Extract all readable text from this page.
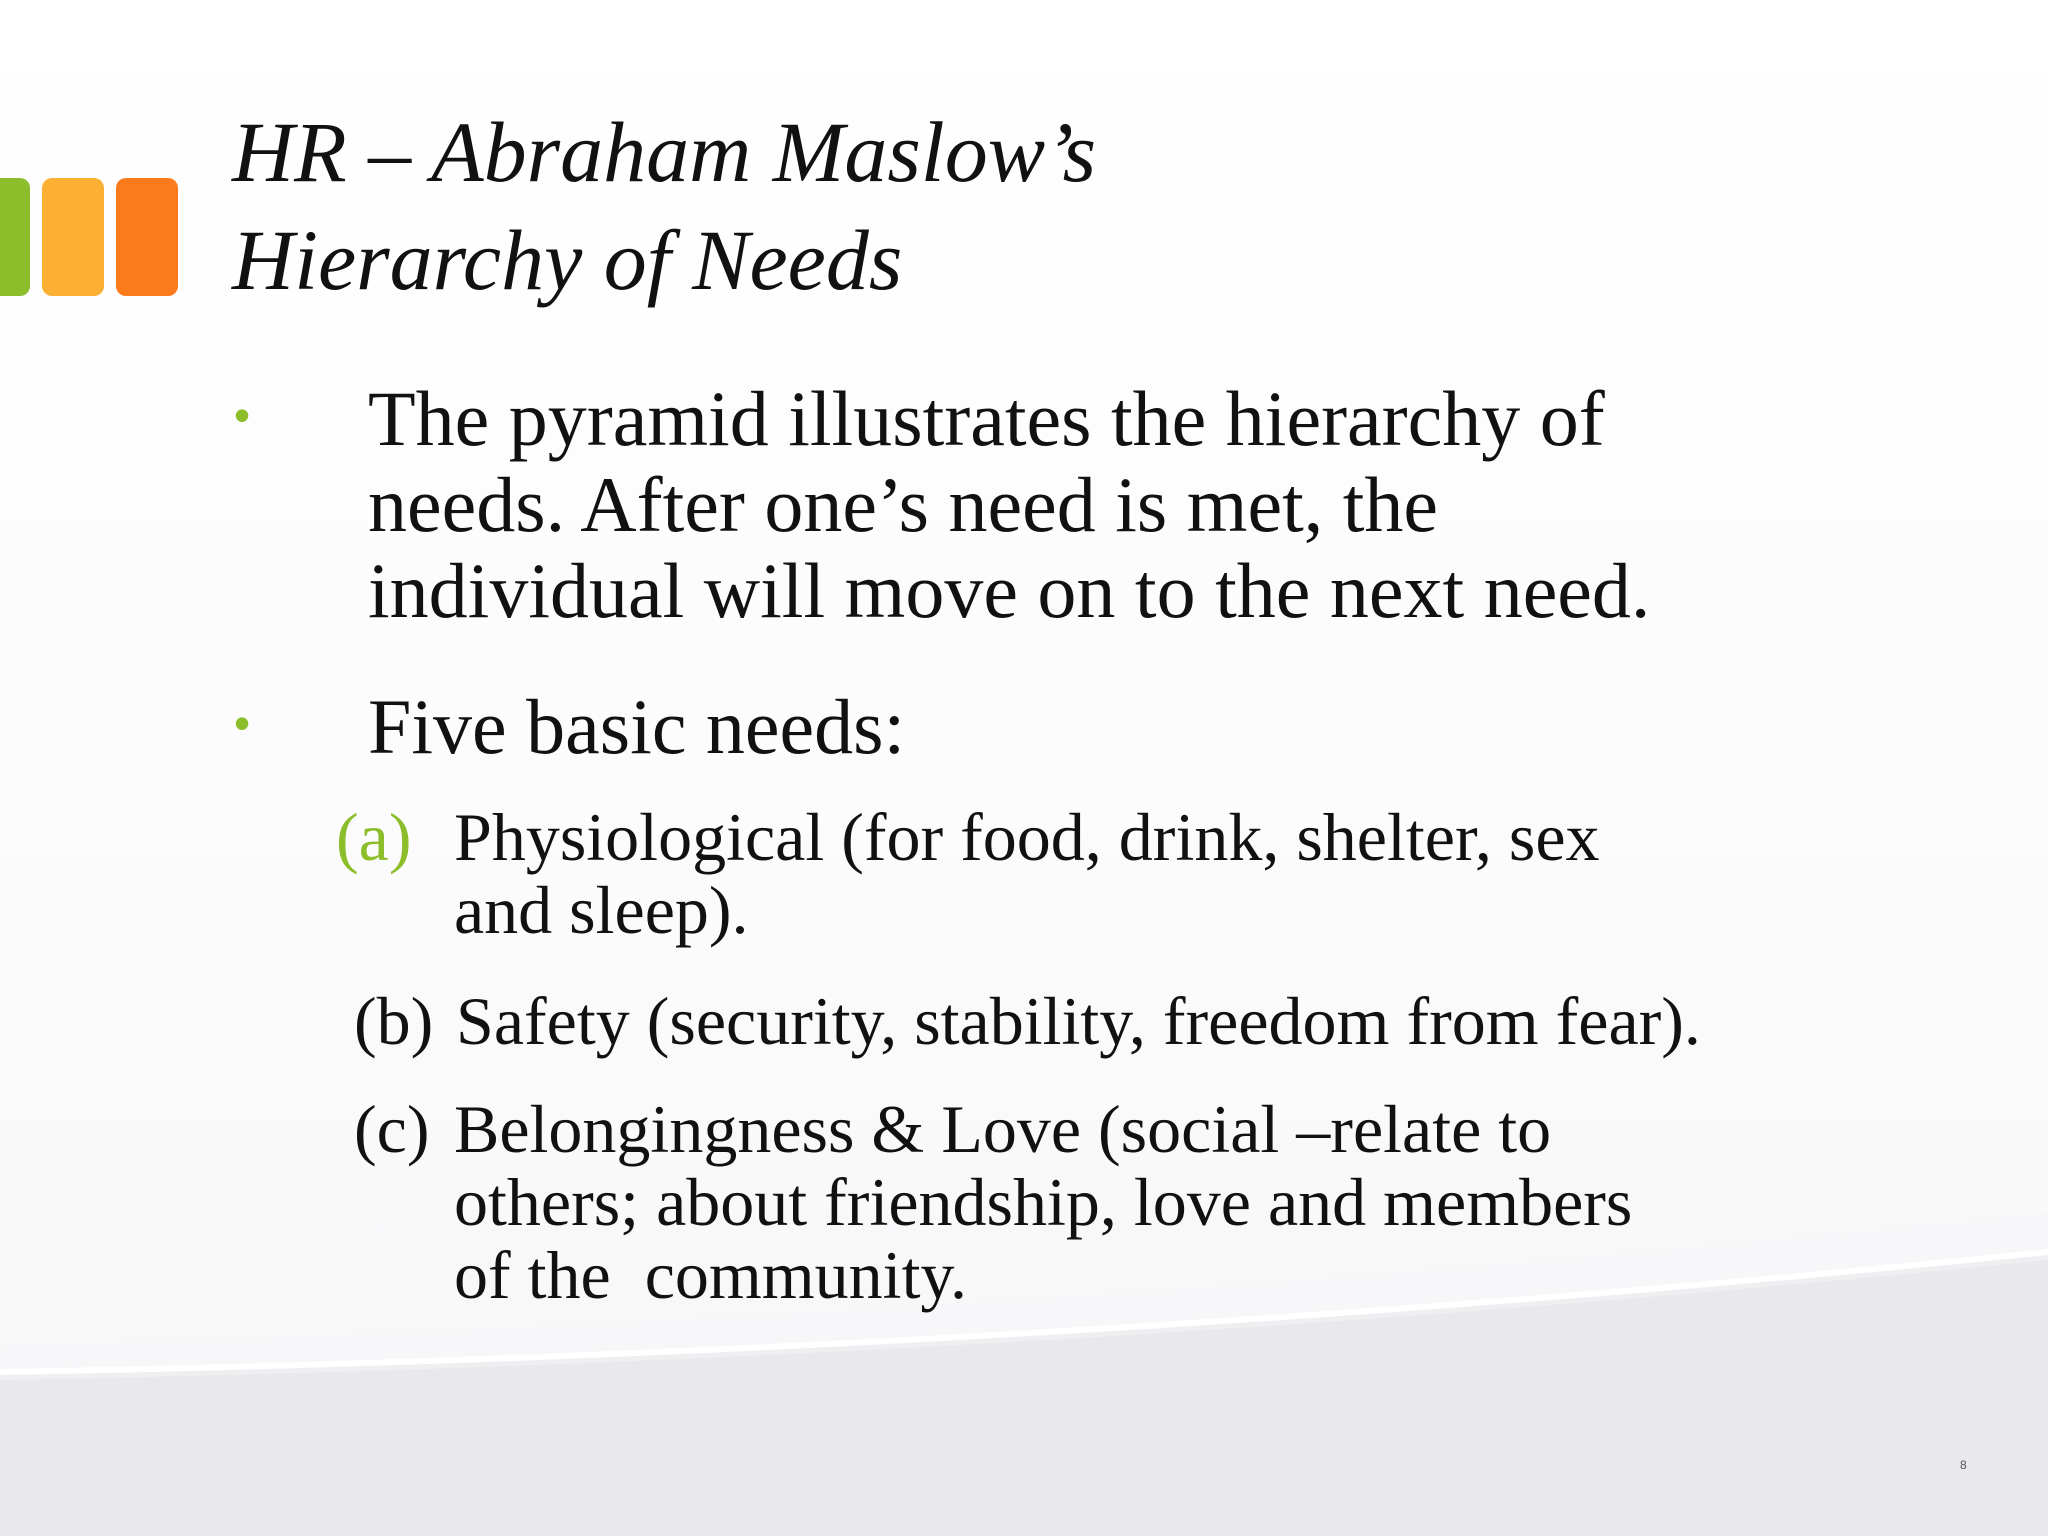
HR – Abraham Maslow’s
Hierarchy of Needs
• The pyramid illustrates the hierarchy of
needs. After one’s need is met, the
individual will move on to the next need.
• Five basic needs:
(a) Physiological (for food, drink, shelter, sex
and sleep).
(b) Safety (security, stability, freedom from fear).
(c) Belongingness & Love (social –relate to
others; about friendship, love and members
of the  community.
8
